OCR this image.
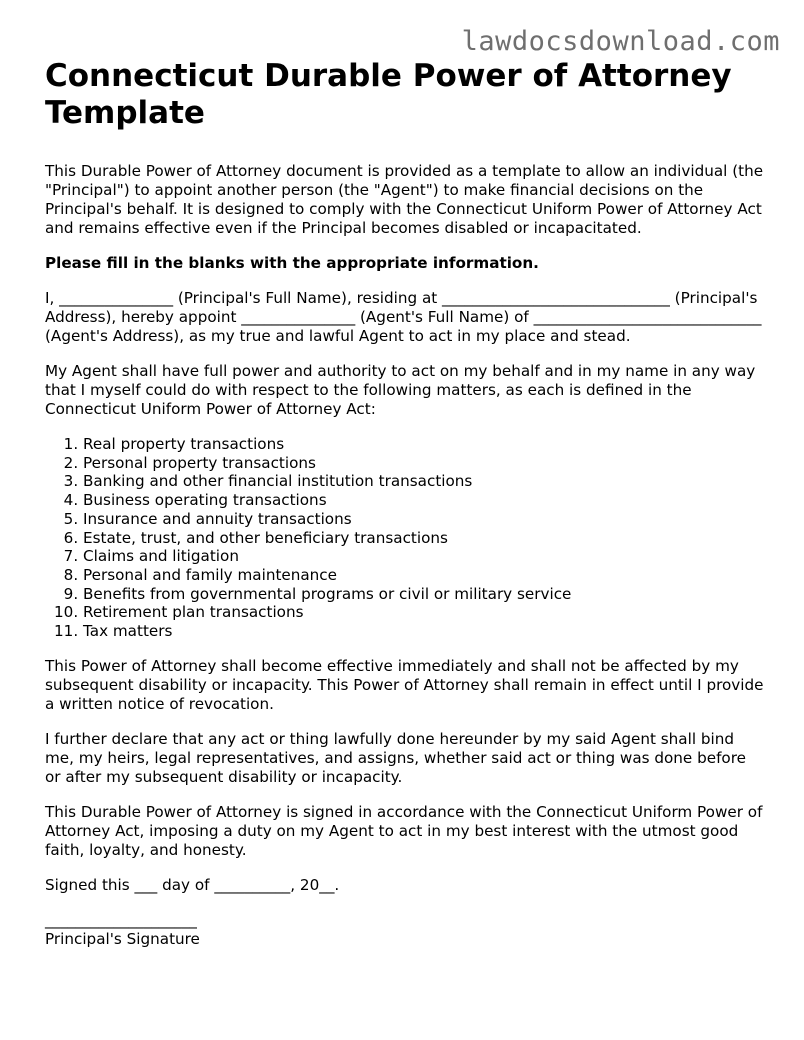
lawdocsdownload.com
Connecticut Durable Power of Attorney Template

This Durable Power of Attorney document is provided as a template to allow an individual (the "Principal") to appoint another person (the "Agent") to make financial decisions on the Principal's behalf. It is designed to comply with the Connecticut Uniform Power of Attorney Act and remains effective even if the Principal becomes disabled or incapacitated.

Please fill in the blanks with the appropriate information.

I, _______________ (Principal's Full Name), residing at ______________________________ (Principal's Address), hereby appoint _______________ (Agent's Full Name) of ______________________________ (Agent's Address), as my true and lawful Agent to act in my place and stead.

My Agent shall have full power and authority to act on my behalf and in my name in any way that I myself could do with respect to the following matters, as each is defined in the Connecticut Uniform Power of Attorney Act:

1. Real property transactions
2. Personal property transactions
3. Banking and other financial institution transactions
4. Business operating transactions
5. Insurance and annuity transactions
6. Estate, trust, and other beneficiary transactions
7. Claims and litigation
8. Personal and family maintenance
9. Benefits from governmental programs or civil or military service
10. Retirement plan transactions
11. Tax matters

This Power of Attorney shall become effective immediately and shall not be affected by my subsequent disability or incapacity. This Power of Attorney shall remain in effect until I provide a written notice of revocation.

I further declare that any act or thing lawfully done hereunder by my said Agent shall bind me, my heirs, legal representatives, and assigns, whether said act or thing was done before or after my subsequent disability or incapacity.

This Durable Power of Attorney is signed in accordance with the Connecticut Uniform Power of Attorney Act, imposing a duty on my Agent to act in my best interest with the utmost good faith, loyalty, and honesty.

Signed this ___ day of __________, 20__.

____________________
Principal's Signature
